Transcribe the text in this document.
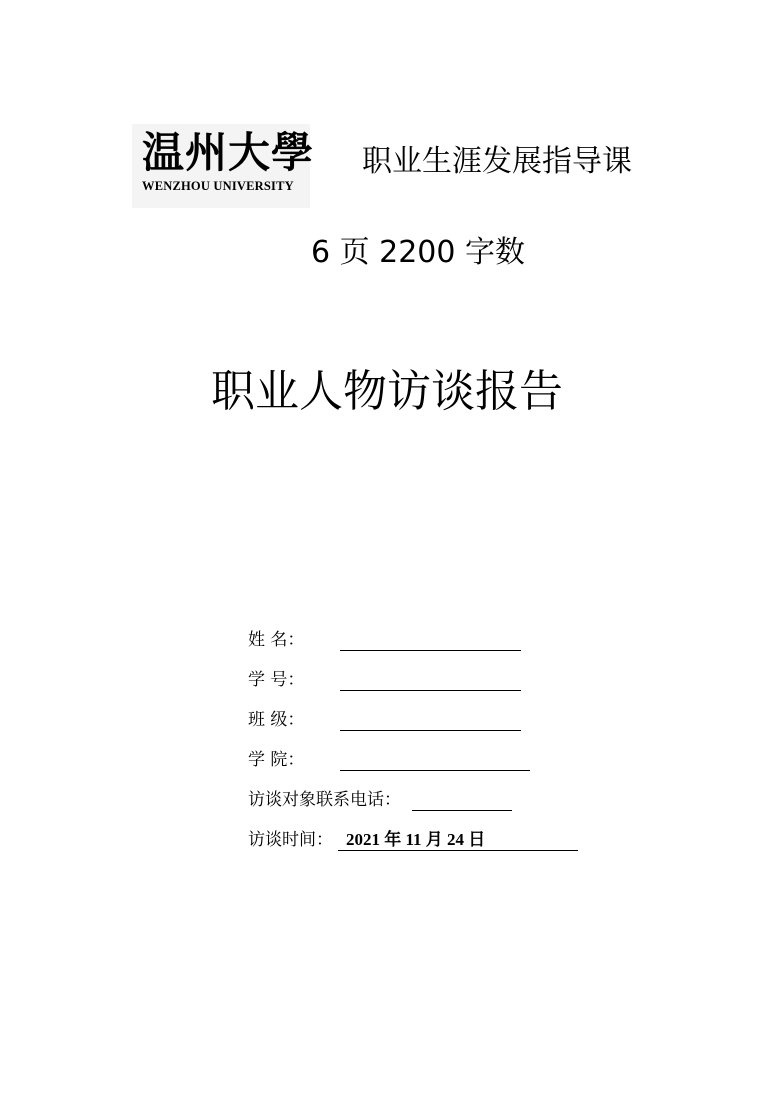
温州大學
WENZHOU UNIVERSITY
职业生涯发展指导课
6 页 2200 字数
职业人物访谈报告
姓 名：
学 号：
班 级：
学 院：
访谈对象联系电话：
访谈时间： 2021 年 11 月 24 日
